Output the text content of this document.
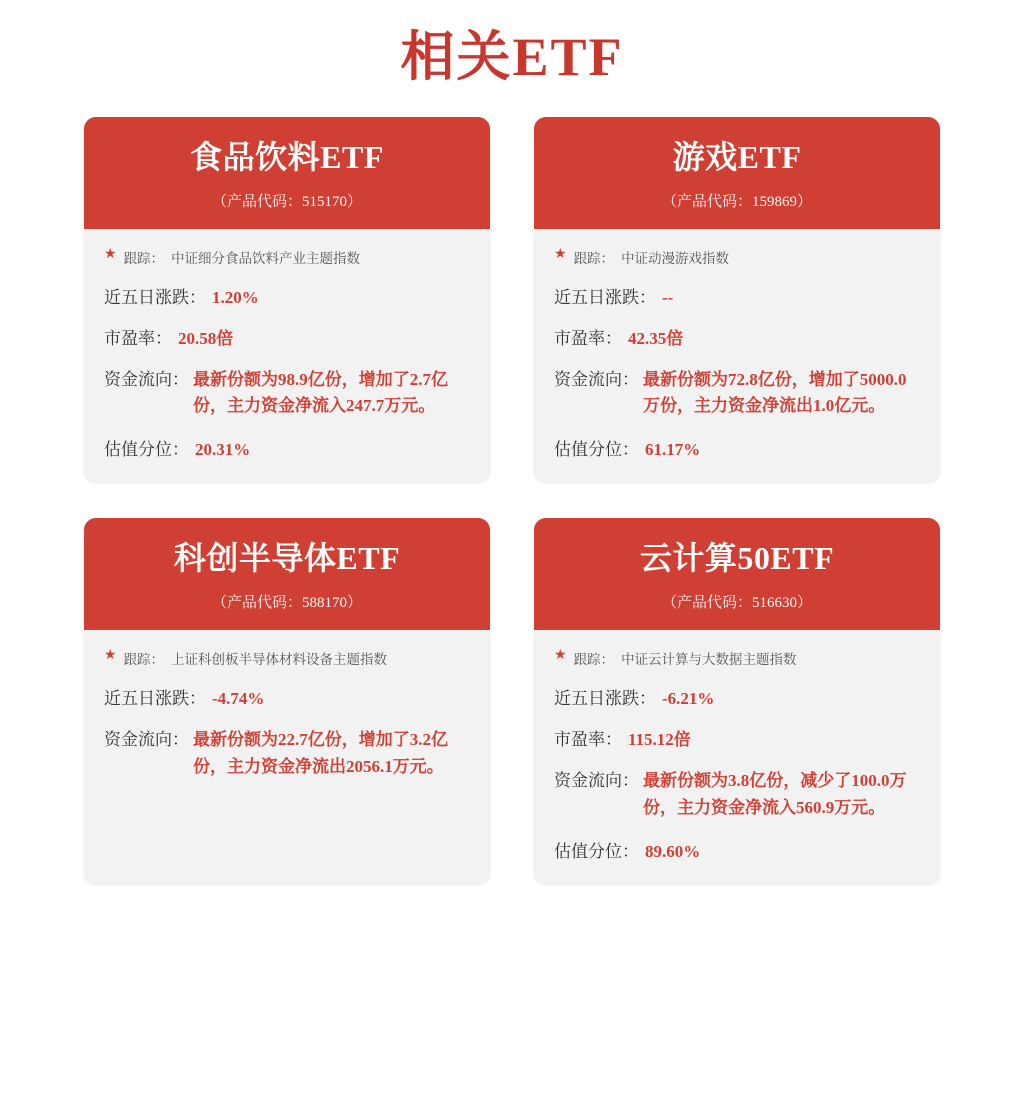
相关ETF
食品饮料ETF
（产品代码：515170）
★ 跟踪： 中证细分食品饮料产业主题指数
近五日涨跌： 1.20%
市盈率： 20.58倍
资金流向： 最新份额为98.9亿份，增加了2.7亿份，主力资金净流入247.7万元。
估值分位： 20.31%
游戏ETF
（产品代码：159869）
★ 跟踪： 中证动漫游戏指数
近五日涨跌： --
市盈率： 42.35倍
资金流向： 最新份额为72.8亿份，增加了5000.0万份，主力资金净流出1.0亿元。
估值分位： 61.17%
科创半导体ETF
（产品代码：588170）
★ 跟踪： 上证科创板半导体材料设备主题指数
近五日涨跌： -4.74%
资金流向： 最新份额为22.7亿份，增加了3.2亿份，主力资金净流出2056.1万元。
云计算50ETF
（产品代码：516630）
★ 跟踪： 中证云计算与大数据主题指数
近五日涨跌： -6.21%
市盈率： 115.12倍
资金流向： 最新份额为3.8亿份，减少了100.0万份，主力资金净流入560.9万元。
估值分位： 89.60%
